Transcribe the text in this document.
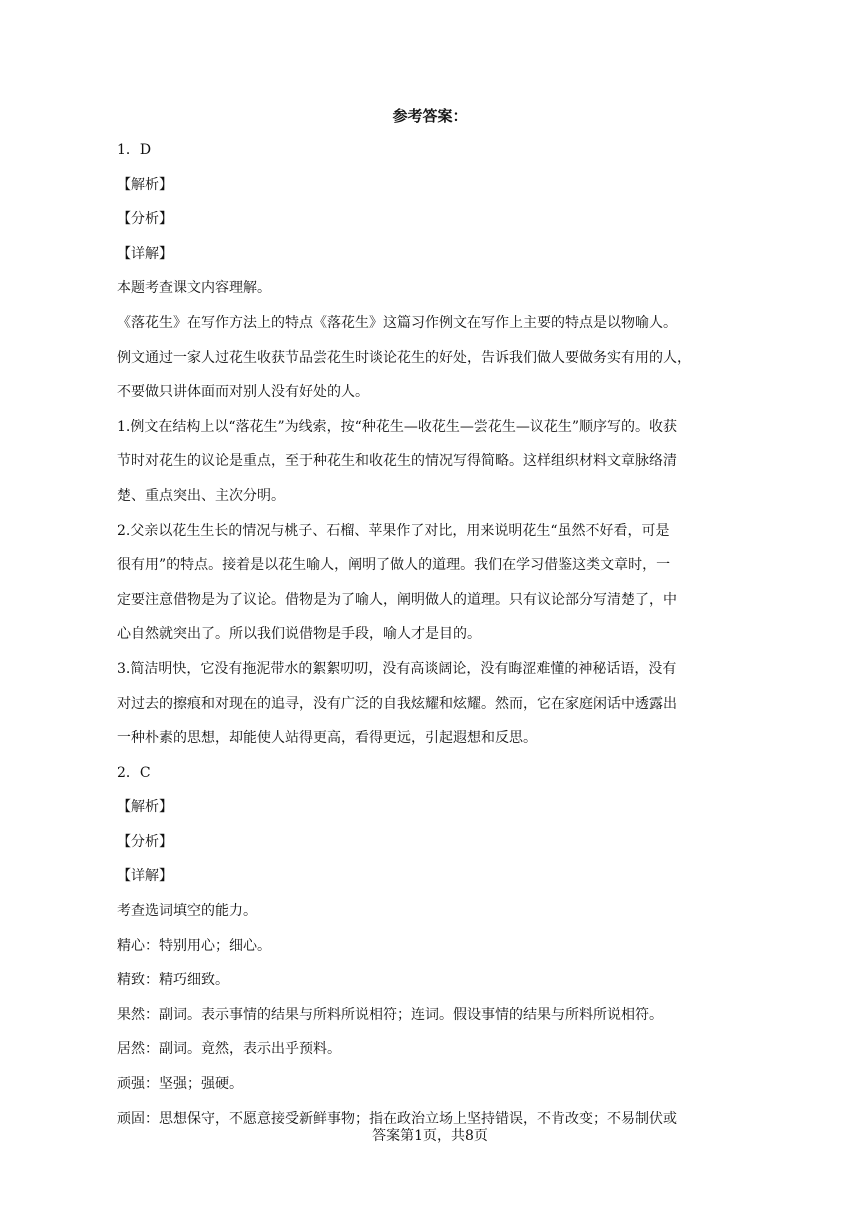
参考答案：
1．D
【解析】
【分析】
【详解】
本题考查课文内容理解。
《落花生》在写作方法上的特点《落花生》这篇习作例文在写作上主要的特点是以物喻人。
例文通过一家人过花生收获节品尝花生时谈论花生的好处，告诉我们做人要做务实有用的人，
不要做只讲体面而对别人没有好处的人。
1.例文在结构上以“落花生”为线索，按“种花生—收花生—尝花生—议花生”顺序写的。收获
节时对花生的议论是重点，至于种花生和收花生的情况写得简略。这样组织材料文章脉络清
楚、重点突出、主次分明。
2.父亲以花生生长的情况与桃子、石榴、苹果作了对比，用来说明花生“虽然不好看，可是
很有用”的特点。接着是以花生喻人，阐明了做人的道理。我们在学习借鉴这类文章时，一
定要注意借物是为了议论。借物是为了喻人，阐明做人的道理。只有议论部分写清楚了，中
心自然就突出了。所以我们说借物是手段，喻人才是目的。
3.简洁明快，它没有拖泥带水的絮絮叨叨，没有高谈阔论，没有晦涩难懂的神秘话语，没有
对过去的擦痕和对现在的追寻，没有广泛的自我炫耀和炫耀。然而，它在家庭闲话中透露出
一种朴素的思想，却能使人站得更高，看得更远，引起遐想和反思。
2．C
【解析】
【分析】
【详解】
考查选词填空的能力。
精心：特别用心；细心。
精致：精巧细致。
果然：副词。表示事情的结果与所料所说相符；连词。假设事情的结果与所料所说相符。
居然：副词。竟然，表示出乎预料。
顽强：坚强；强硬。
顽固：思想保守，不愿意接受新鲜事物；指在政治立场上坚持错误，不肯改变；不易制伏或
答案第1页，共8页
